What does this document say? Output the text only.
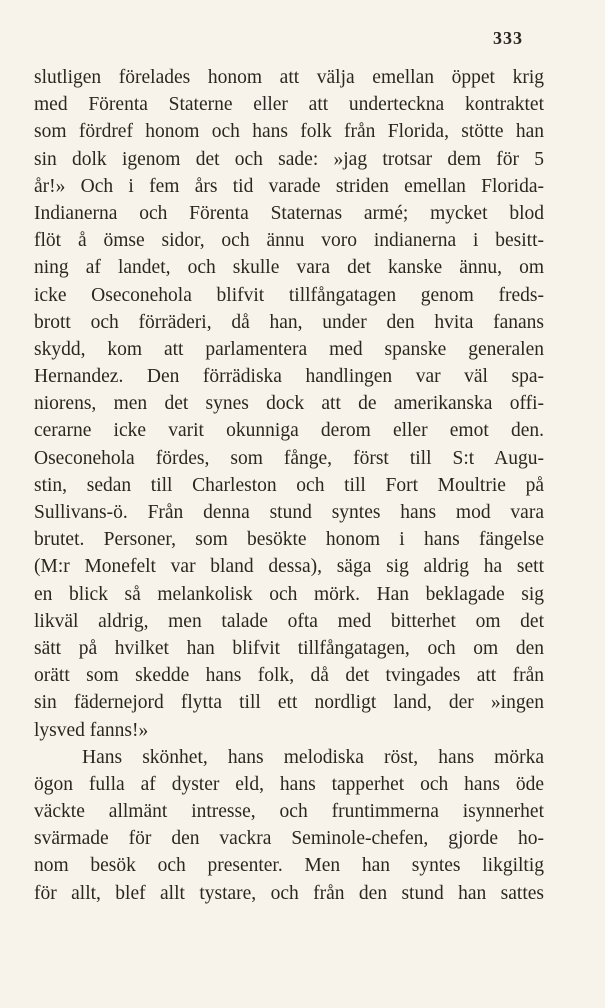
333
slutligen förelades honom att välja emellan öppet krig
med Förenta Staterne eller att underteckna kontraktet
som fördref honom och hans folk från Florida, stötte han
sin dolk igenom det och sade: »jag trotsar dem för 5
år!» Och i fem års tid varade striden emellan Florida-
Indianerna och Förenta Staternas armé; mycket blod
flöt å ömse sidor, och ännu voro indianerna i besitt-
ning af landet, och skulle vara det kanske ännu, om
icke Oseconehola blifvit tillfångatagen genom freds-
brott och förräderi, då han, under den hvita fanans
skydd, kom att parlamentera med spanske generalen
Hernandez. Den förrädiska handlingen var väl spa-
niorens, men det synes dock att de amerikanska offi-
cerarne icke varit okunniga derom eller emot den.
Oseconehola fördes, som fånge, först till S:t Augu-
stin, sedan till Charleston och till Fort Moultrie på
Sullivans-ö. Från denna stund syntes hans mod vara
brutet. Personer, som besökte honom i hans fängelse
(M:r Monefelt var bland dessa), säga sig aldrig ha sett
en blick så melankolisk och mörk. Han beklagade sig
likväl aldrig, men talade ofta med bitterhet om det
sätt på hvilket han blifvit tillfångatagen, och om den
orätt som skedde hans folk, då det tvingades att från
sin fädernejord flytta till ett nordligt land, der »ingen
lysved fanns!»
Hans skönhet, hans melodiska röst, hans mörka
ögon fulla af dyster eld, hans tapperhet och hans öde
väckte allmänt intresse, och fruntimmerna isynnerhet
svärmade för den vackra Seminole-chefen, gjorde ho-
nom besök och presenter. Men han syntes likgiltig
för allt, blef allt tystare, och från den stund han sattes
